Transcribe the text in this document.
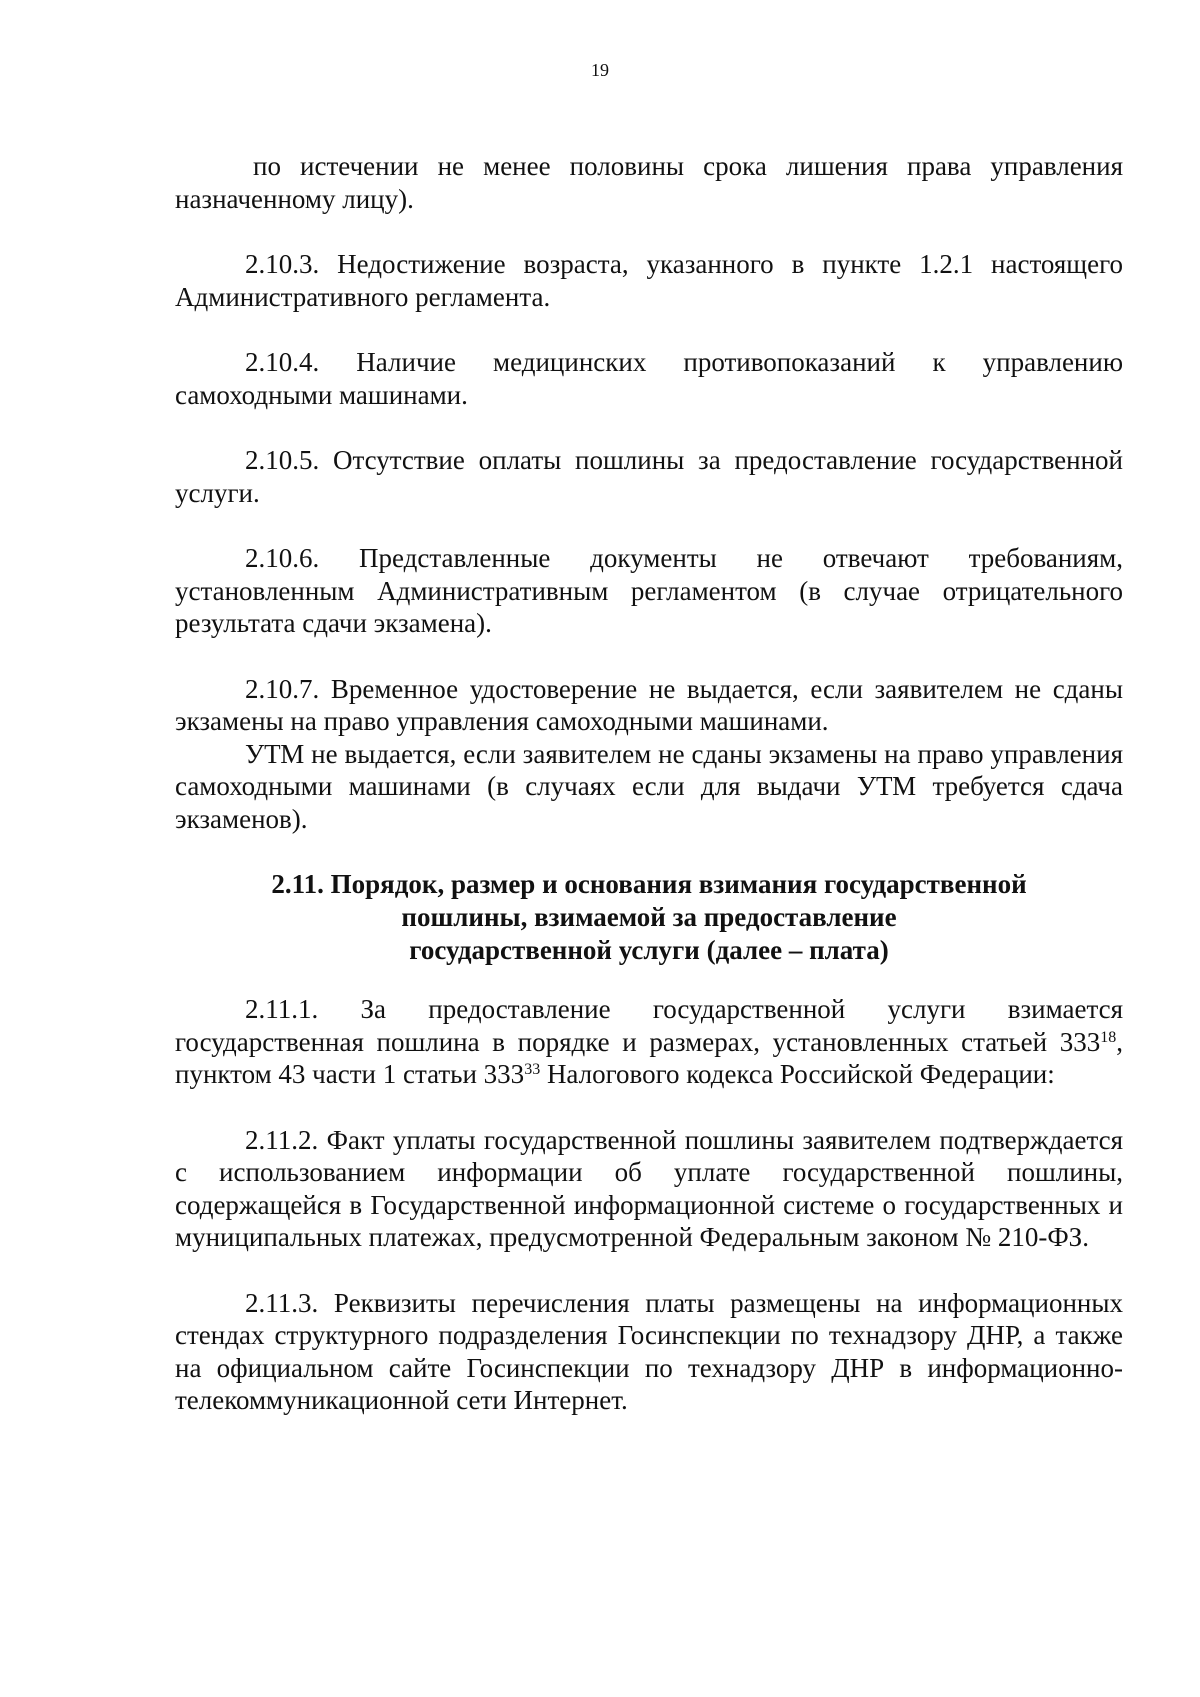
19

по истечении не менее половины срока лишения права управления назначенному лицу).

2.10.3. Недостижение возраста, указанного в пункте 1.2.1 настоящего Административного регламента.

2.10.4. Наличие медицинских противопоказаний к управлению самоходными машинами.

2.10.5. Отсутствие оплаты пошлины за предоставление государственной услуги.

2.10.6. Представленные документы не отвечают требованиям, установленным Административным регламентом (в случае отрицательного результата сдачи экзамена).

2.10.7. Временное удостоверение не выдается, если заявителем не сданы экзамены на право управления самоходными машинами.

УТМ не выдается, если заявителем не сданы экзамены на право управления самоходными машинами (в случаях если для выдачи УТМ требуется сдача экзаменов).

2.11. Порядок, размер и основания взимания государственной
пошлины, взимаемой за предоставление
государственной услуги (далее – плата)

2.11.1. За предоставление государственной услуги взимается государственная пошлина в порядке и размерах, установленных статьей $333^{18}$, пунктом 43 части 1 статьи $333^{33}$ Налогового кодекса Российской Федерации:

2.11.2. Факт уплаты государственной пошлины заявителем подтверждается с использованием информации об уплате государственной пошлины, содержащейся в Государственной информационной системе о государственных и муниципальных платежах, предусмотренной Федеральным законом № 210-ФЗ.

2.11.3. Реквизиты перечисления платы размещены на информационных стендах структурного подразделения Госинспекции по технадзору ДНР, а также на официальном сайте Госинспекции по технадзору ДНР в информационно-телекоммуникационной сети Интернет.
